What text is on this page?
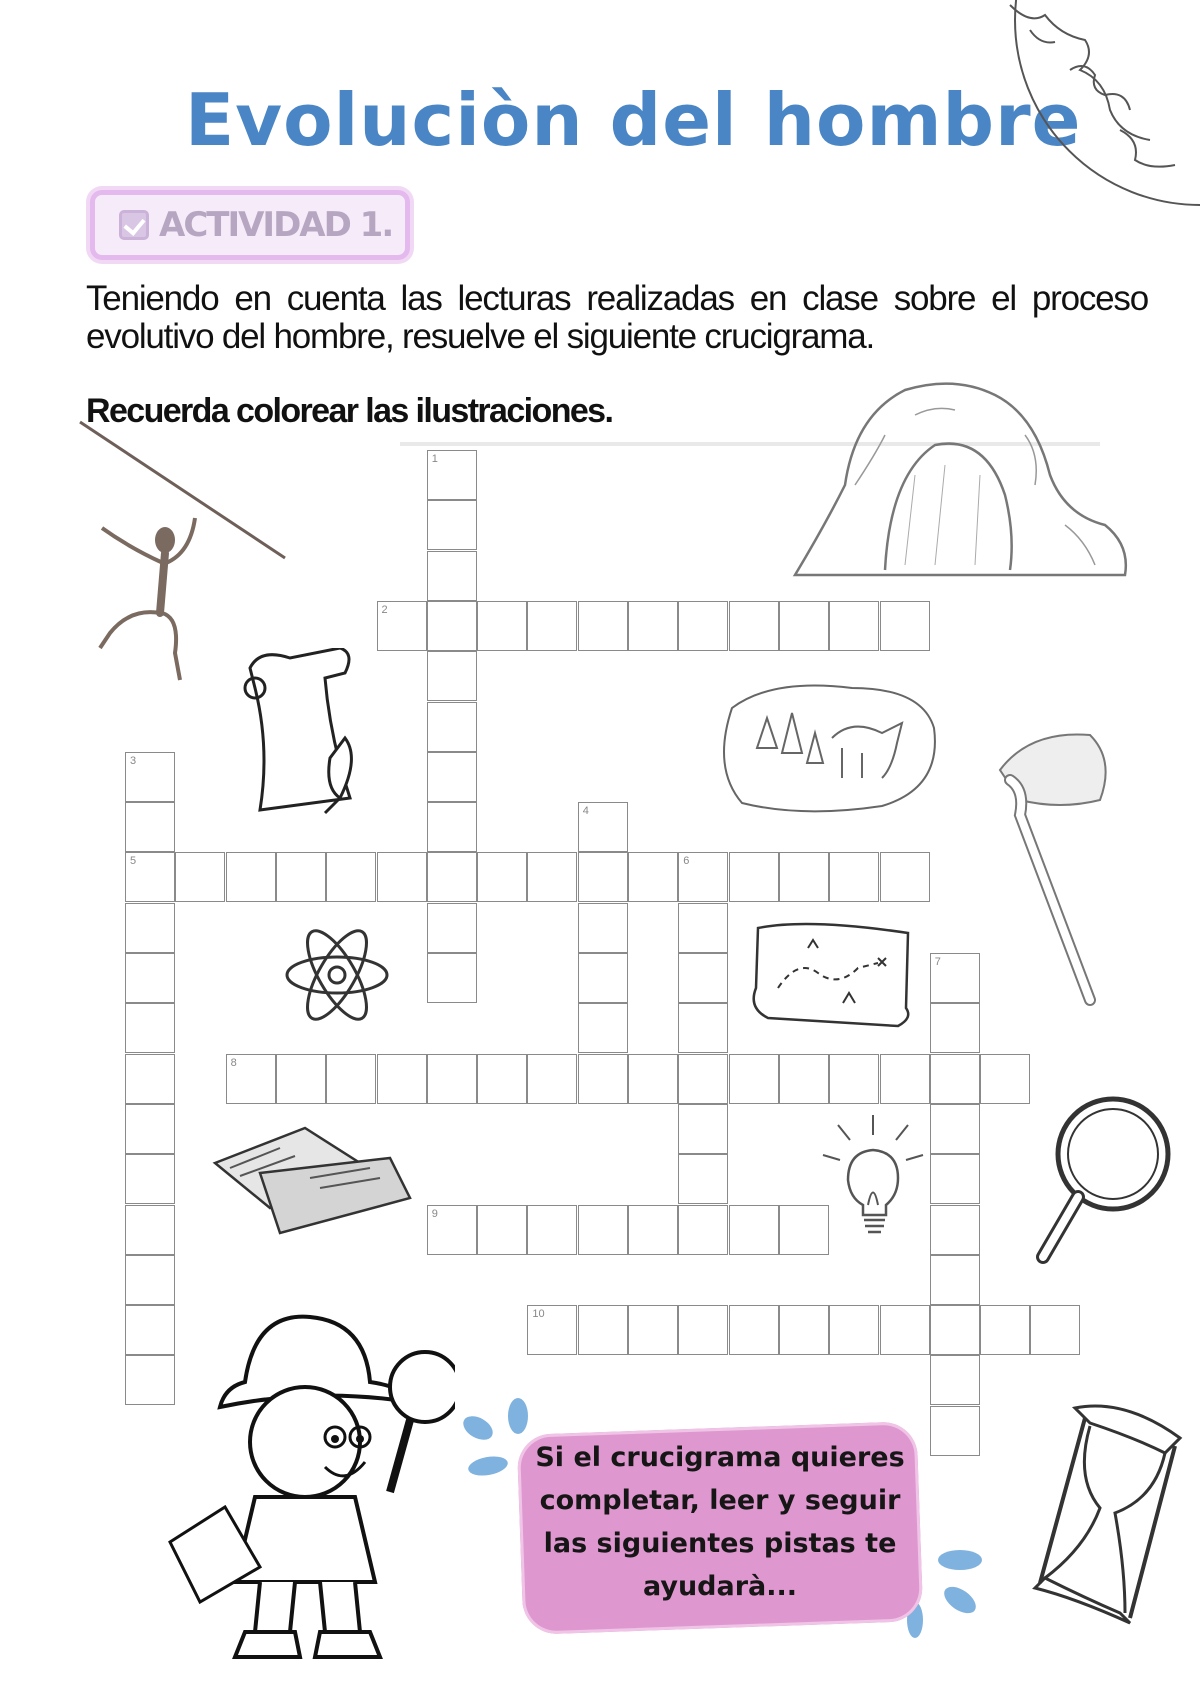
Evoluciòn del hombre
ACTIVIDAD 1.
Teniendo en cuenta las lecturas realizadas en clase sobre el proceso evolutivo del hombre, resuelve el siguiente crucigrama.
Recuerda colorear las ilustraciones.
Si el crucigrama quieres completar, leer y seguir las siguientes pistas te ayudarà...
1
2
3
5
4
6
7
8
9
10
